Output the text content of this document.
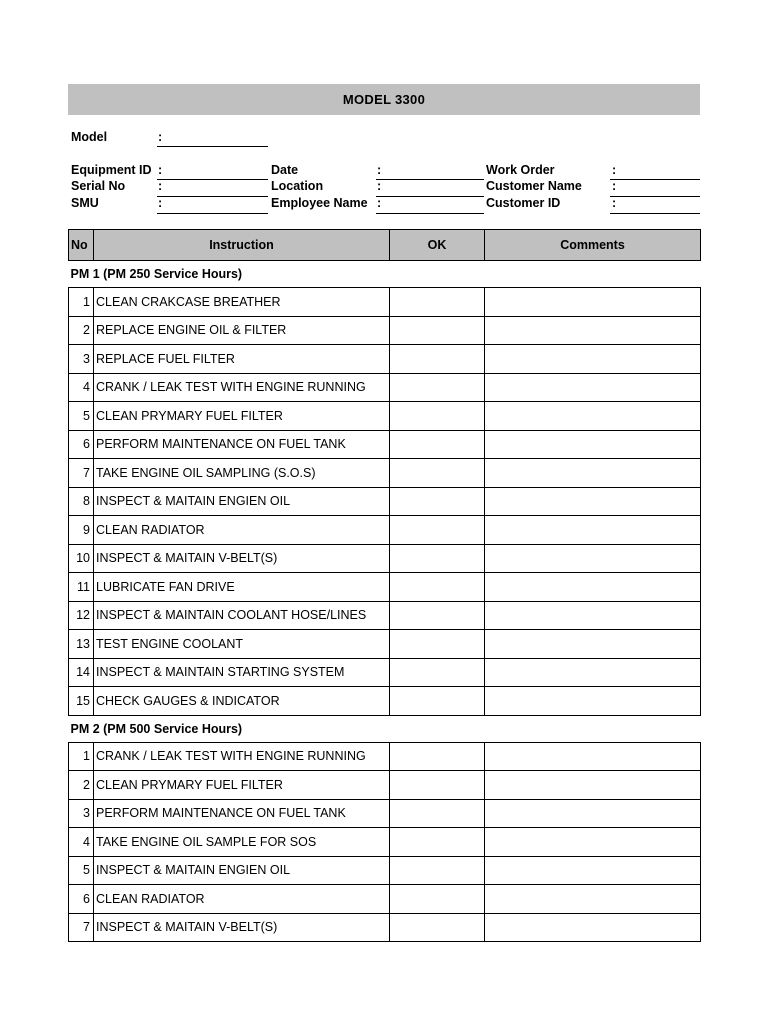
MODEL 3300
Model	:
Equipment ID :
Serial No	:
SMU	:
Date	:
Location	:
Employee Name :
Work Order	:
Customer Name :
Customer ID	:
No	Instruction	OK	Comments
PM 1 (PM 250 Service Hours)			
1	CLEAN CRAKCASE BREATHER		
2	REPLACE ENGINE OIL & FILTER		
3	REPLACE FUEL FILTER		
4	CRANK / LEAK TEST WITH ENGINE RUNNING		
5	CLEAN PRYMARY FUEL FILTER		
6	PERFORM MAINTENANCE ON FUEL TANK		
7	TAKE ENGINE OIL SAMPLING (S.O.S)		
8	INSPECT & MAITAIN ENGIEN OIL		
9	CLEAN RADIATOR		
10	INSPECT & MAITAIN V-BELT(S)		
11	LUBRICATE FAN DRIVE		
12	INSPECT & MAINTAIN COOLANT HOSE/LINES		
13	TEST ENGINE COOLANT		
14	INSPECT & MAINTAIN STARTING SYSTEM		
15	CHECK GAUGES & INDICATOR		
PM 2 (PM 500 Service Hours)			
1	CRANK / LEAK TEST WITH ENGINE RUNNING		
2	CLEAN PRYMARY FUEL FILTER		
3	PERFORM MAINTENANCE ON FUEL TANK		
4	TAKE ENGINE OIL SAMPLE FOR SOS		
5	INSPECT & MAITAIN ENGIEN OIL		
6	CLEAN RADIATOR		
7	INSPECT & MAITAIN V-BELT(S)		
